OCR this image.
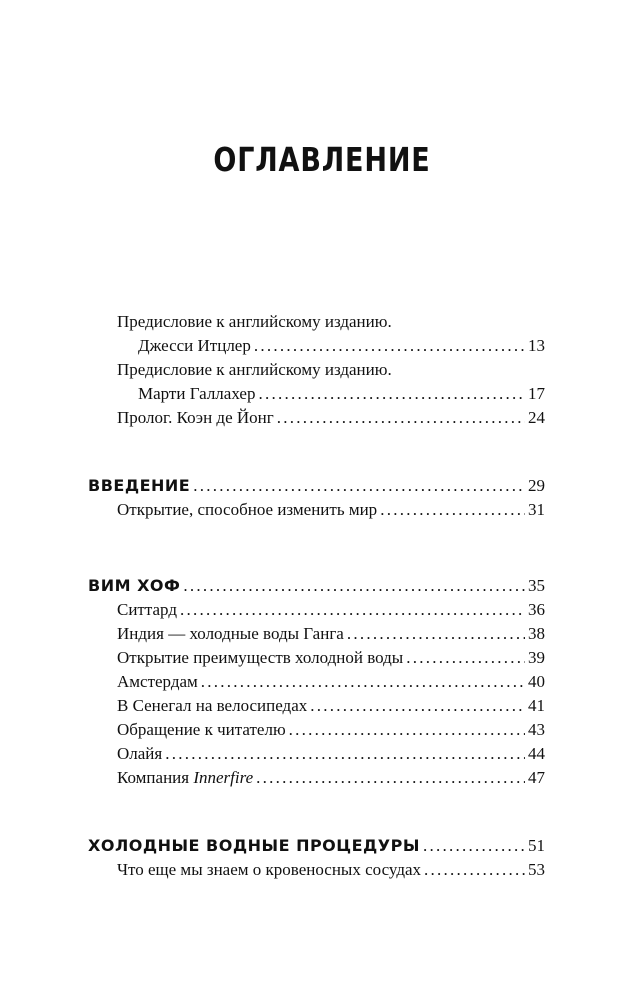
ОГЛАВЛЕНИЕ
Предисловие к английскому изданию.
Джесси Итцлер . . .	13
Предисловие к английскому изданию.
Марти Галлахер . . .	17
Пролог. Коэн де Йонг . . .	24
ВВЕДЕНИЕ . . .	29
Открытие, способное изменить мир . . .	31
ВИМ ХОФ . . .	35
Ситтард . . .	36
Индия — холодные воды Ганга . . .	38
Открытие преимуществ холодной воды . . .	39
Амстердам . . .	40
В Сенегал на велосипедах . . .	41
Обращение к читателю . . .	43
Олайя . . .	44
Компания Innerfire . . .	47
ХОЛОДНЫЕ ВОДНЫЕ ПРОЦЕДУРЫ . . .	51
Что еще мы знаем о кровеносных сосудах . . .	53
